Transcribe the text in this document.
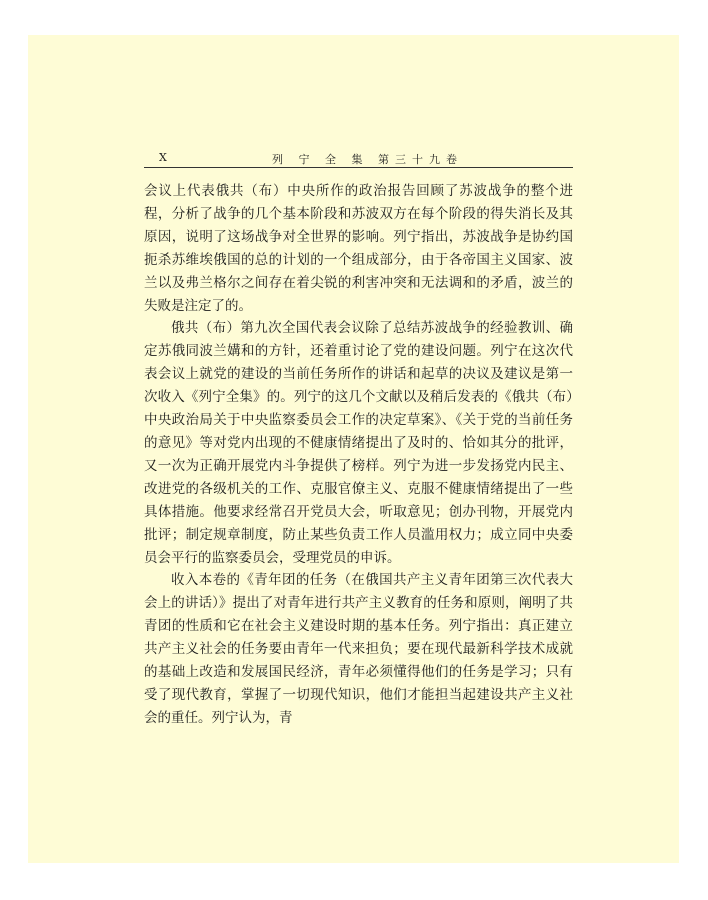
X	列 宁 全 集 第三十九卷

会议上代表俄共（布）中央所作的政治报告回顾了苏波战争的整个进程，分析了战争的几个基本阶段和苏波双方在每个阶段的得失消长及其原因，说明了这场战争对全世界的影响。列宁指出，苏波战争是协约国扼杀苏维埃俄国的总的计划的一个组成部分，由于各帝国主义国家、波兰以及弗兰格尔之间存在着尖锐的利害冲突和无法调和的矛盾，波兰的失败是注定了的。

俄共（布）第九次全国代表会议除了总结苏波战争的经验教训、确定苏俄同波兰媾和的方针，还着重讨论了党的建设问题。列宁在这次代表会议上就党的建设的当前任务所作的讲话和起草的决议及建议是第一次收入《列宁全集》的。列宁的这几个文献以及稍后发表的《俄共（布）中央政治局关于中央监察委员会工作的决定草案》、《关于党的当前任务的意见》等对党内出现的不健康情绪提出了及时的、恰如其分的批评，又一次为正确开展党内斗争提供了榜样。列宁为进一步发扬党内民主、改进党的各级机关的工作、克服官僚主义、克服不健康情绪提出了一些具体措施。他要求经常召开党员大会，听取意见；创办刊物，开展党内批评；制定规章制度，防止某些负责工作人员滥用权力；成立同中央委员会平行的监察委员会，受理党员的申诉。

收入本卷的《青年团的任务（在俄国共产主义青年团第三次代表大会上的讲话）》提出了对青年进行共产主义教育的任务和原则，阐明了共青团的性质和它在社会主义建设时期的基本任务。列宁指出：真正建立共产主义社会的任务要由青年一代来担负；要在现代最新科学技术成就的基础上改造和发展国民经济，青年必须懂得他们的任务是学习；只有受了现代教育，掌握了一切现代知识，他们才能担当起建设共产主义社会的重任。列宁认为，青
